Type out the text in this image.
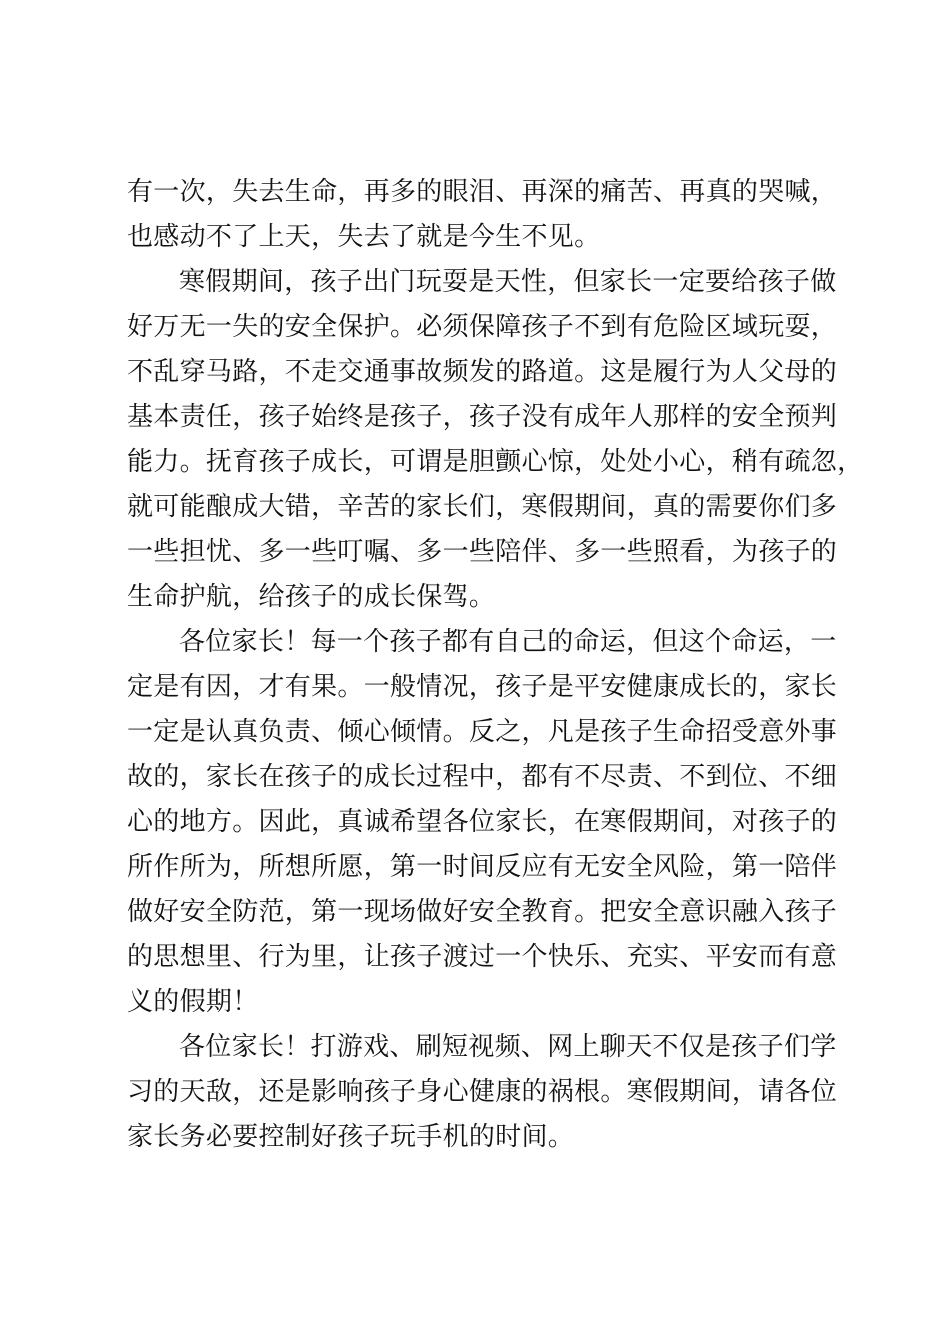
有一次，失去生命，再多的眼泪、再深的痛苦、再真的哭喊，
也感动不了上天，失去了就是今生不见。
寒假期间，孩子出门玩耍是天性，但家长一定要给孩子做
好万无一失的安全保护。必须保障孩子不到有危险区域玩耍，
不乱穿马路，不走交通事故频发的路道。这是履行为人父母的
基本责任，孩子始终是孩子，孩子没有成年人那样的安全预判
能力。抚育孩子成长，可谓是胆颤心惊，处处小心，稍有疏忽，
就可能酿成大错，辛苦的家长们，寒假期间，真的需要你们多
一些担忧、多一些叮嘱、多一些陪伴、多一些照看，为孩子的
生命护航，给孩子的成长保驾。
各位家长！每一个孩子都有自己的命运，但这个命运，一
定是有因，才有果。一般情况，孩子是平安健康成长的，家长
一定是认真负责、倾心倾情。反之，凡是孩子生命招受意外事
故的，家长在孩子的成长过程中，都有不尽责、不到位、不细
心的地方。因此，真诚希望各位家长，在寒假期间，对孩子的
所作所为，所想所愿，第一时间反应有无安全风险，第一陪伴
做好安全防范，第一现场做好安全教育。把安全意识融入孩子
的思想里、行为里，让孩子渡过一个快乐、充实、平安而有意
义的假期！
各位家长！打游戏、刷短视频、网上聊天不仅是孩子们学
习的天敌，还是影响孩子身心健康的祸根。寒假期间，请各位
家长务必要控制好孩子玩手机的时间。
